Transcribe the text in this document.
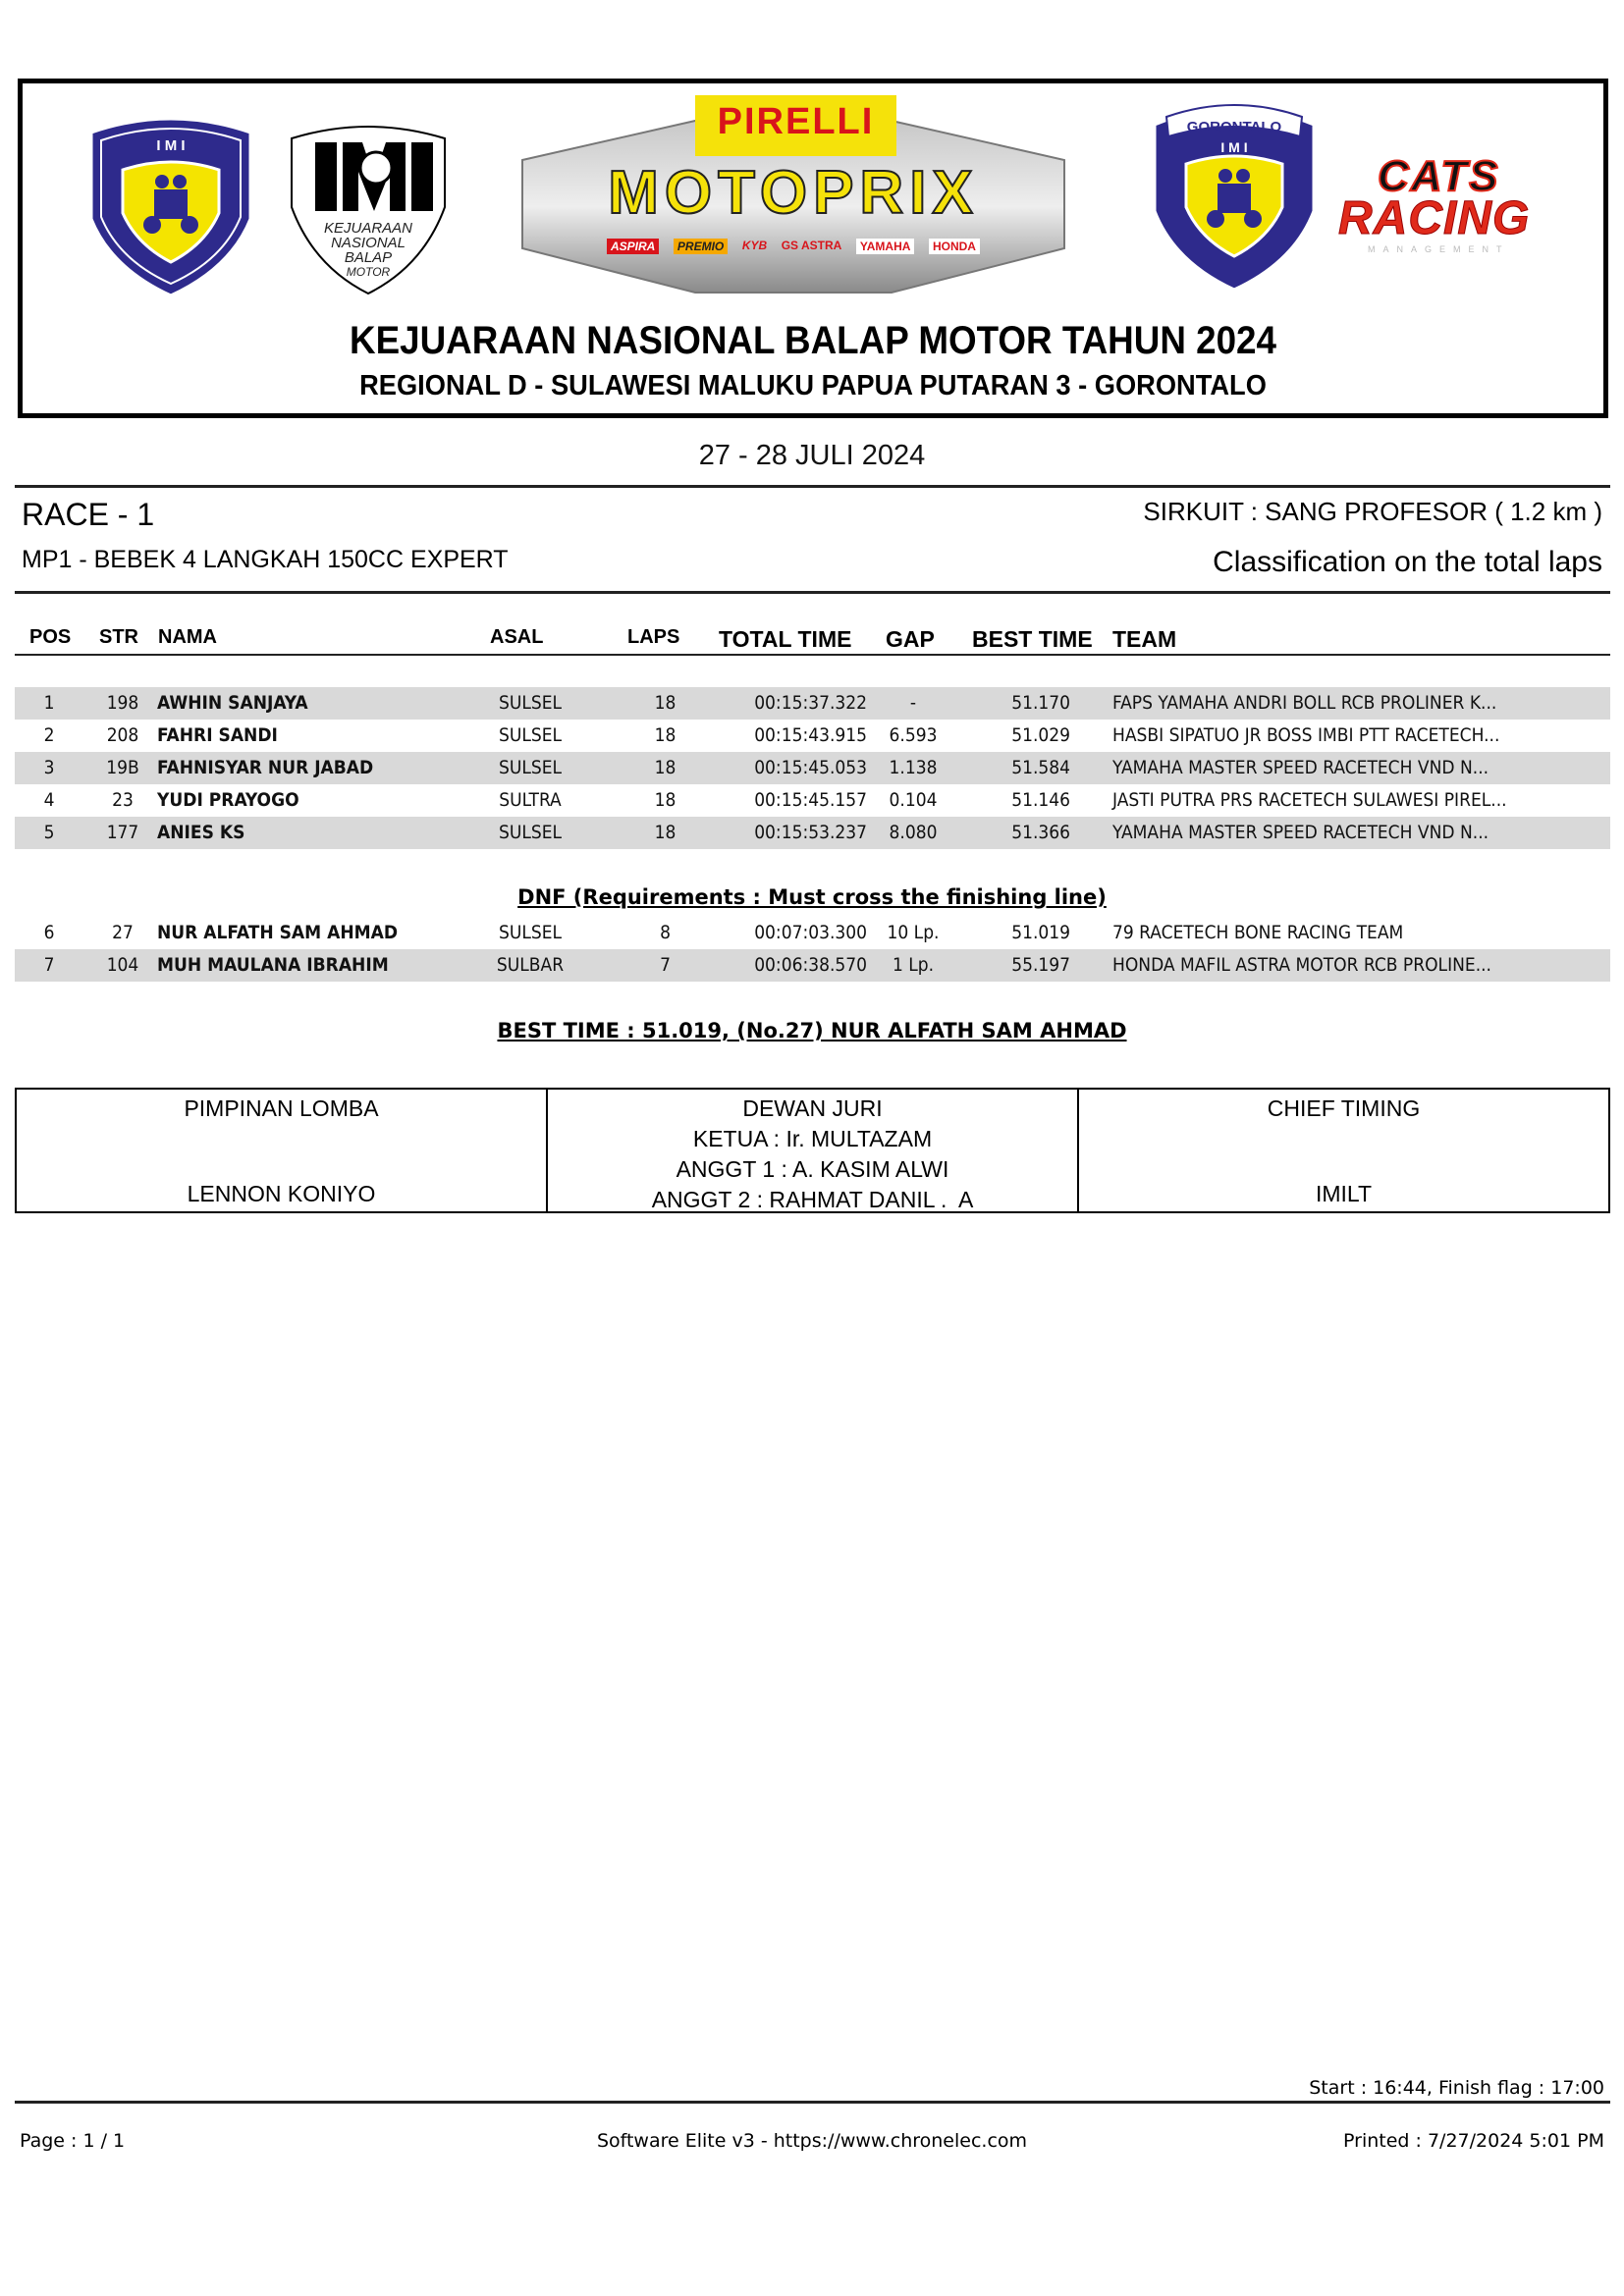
I M I
KEJUARAAN
NASIONAL
BALAP
MOTOR
PIRELLI
MOTOPRIX
ASPIRA	PREMIO	KYB GS ASTRA	YAMAHA	HONDA
GORONTALO
I M I
CATS
RACING
MANAGEMENT
KEJUARAAN NASIONAL BALAP MOTOR TAHUN 2024
REGIONAL D - SULAWESI MALUKU PAPUA PUTARAN 3 - GORONTALO
27 - 28 JULI 2024
RACE - 1
MP1 - BEBEK 4 LANGKAH 150CC EXPERT
SIRKUIT : SANG PROFESOR ( 1.2 km )
Classification on the total laps
POS STR NAMA	ASAL	LAPS TOTAL TIME GAP BEST TIME TEAM
1	198 AWHIN SANJAYA	SULSEL	18	00:15:37.322	-	51.170 FAPS YAMAHA ANDRI BOLL RCB PROLINER K...
2	208 FAHRI SANDI	SULSEL	18	00:15:43.915	6.593	51.029 HASBI SIPATUO JR BOSS IMBI PTT RACETECH...
3	19B FAHNISYAR NUR JABAD	SULSEL	18	00:15:45.053	1.138	51.584 YAMAHA MASTER SPEED RACETECH VND N...
4	23	YUDI PRAYOGO	SULTRA	18	00:15:45.157	0.104	51.146 JASTI PUTRA PRS RACETECH SULAWESI PIREL...
5	177 ANIES KS	SULSEL	18	00:15:53.237	8.080	51.366 YAMAHA MASTER SPEED RACETECH VND N...
DNF (Requirements : Must cross the finishing line)
6	27	NUR ALFATH SAM AHMAD	SULSEL	8	00:07:03.300	10 Lp.	51.019 79 RACETECH BONE RACING TEAM
7	104 MUH MAULANA IBRAHIM	SULBAR	7	00:06:38.570	1 Lp.	55.197 HONDA MAFIL ASTRA MOTOR RCB PROLINE...
BEST TIME : 51.019, (No.27) NUR ALFATH SAM AHMAD
PIMPINAN LOMBA
LENNON KONIYO
DEWAN JURI
KETUA : Ir. MULTAZAM
ANGGT 1 : A. KASIM ALWI
ANGGT 2 : RAHMAT DANIL .  A
CHIEF TIMING
IMILT
Start : 16:44, Finish flag : 17:00
Page : 1 / 1	Software Elite v3 - https://www.chronelec.com	Printed : 7/27/2024 5:01 PM
